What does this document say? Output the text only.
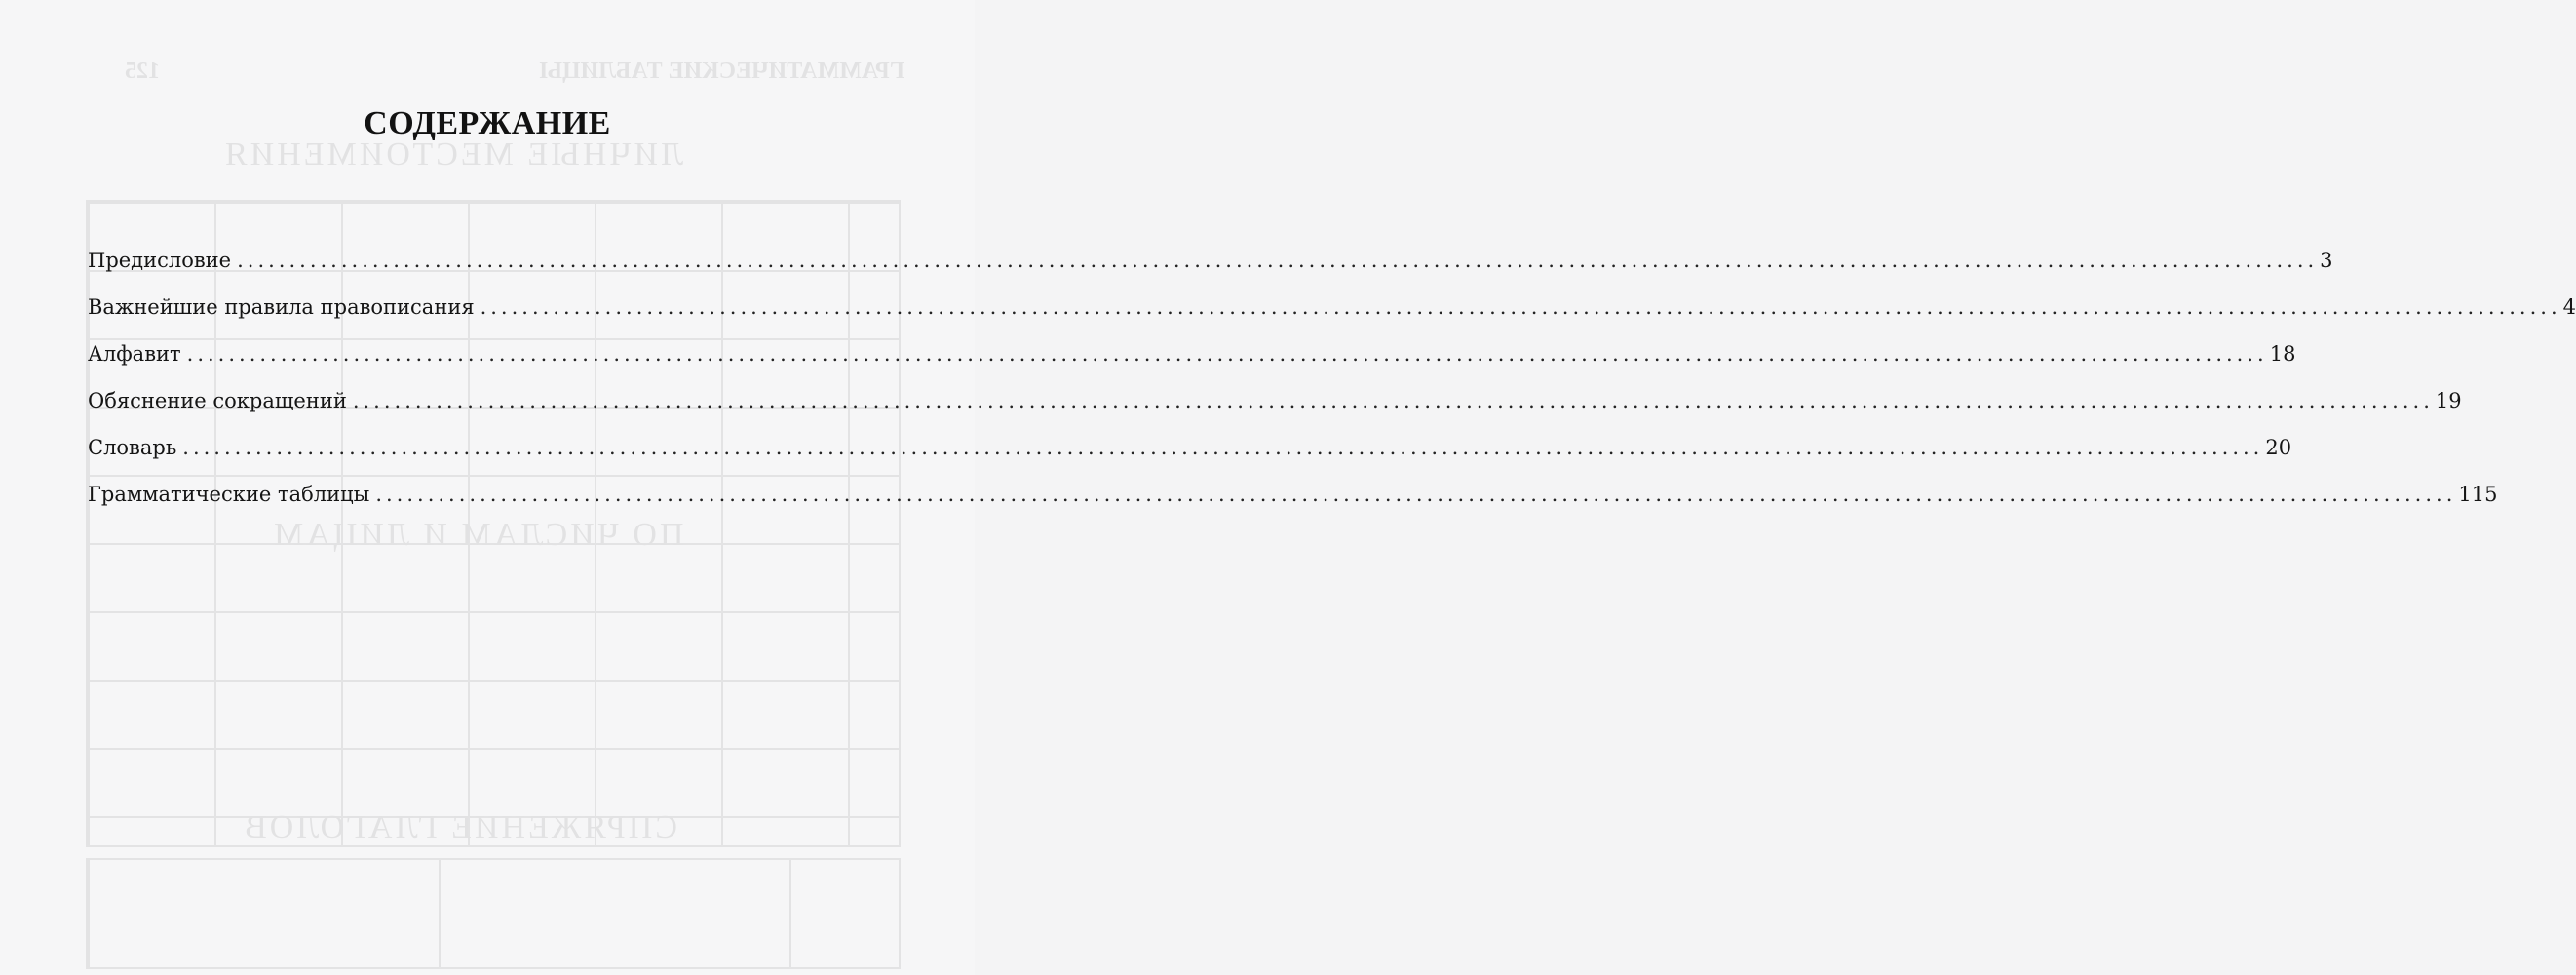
ГРАММАТИЧЕСКИЕ ТАБЛИЦЫ
125
ЛИЧНЫЕ МЕСТОИМЕНИЯ
ПО ЧИСЛАМ И ЛИЦАМ
СПРЯЖЕНИЕ ГЛАГОЛОВ
СОДЕРЖАНИЕ
Предисловие ........................................................................................................................................................................................................ 3
Важнейшие правила правописания ........................................................................................................................................................................................................ 4
Алфавит ........................................................................................................................................................................................................ 18
Обяснение сокращений ........................................................................................................................................................................................................ 19
Словарь ........................................................................................................................................................................................................ 20
Грамматические таблицы ........................................................................................................................................................................................................ 115
